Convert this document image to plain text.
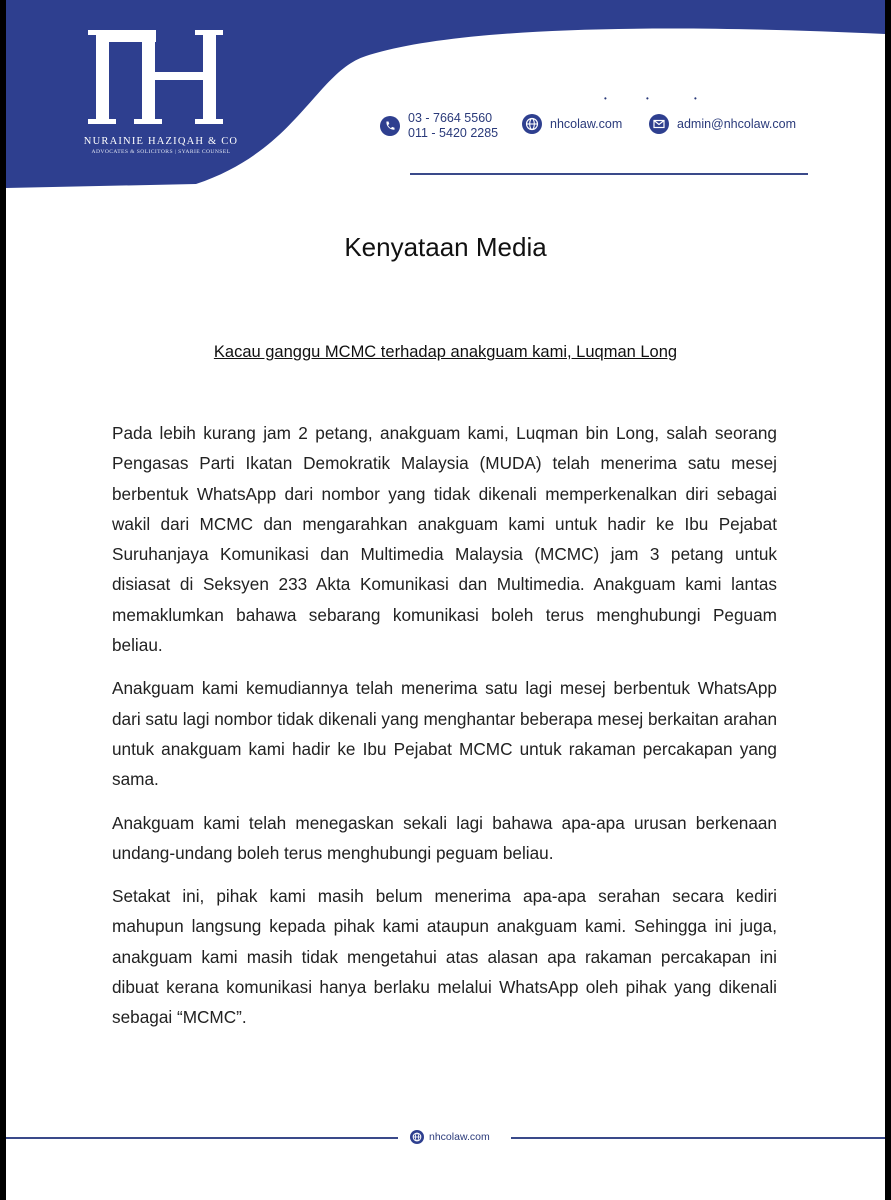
NURAINIE HAZIQAH & CO
ADVOCATES & SOLICITORS | SYARIE COUNSEL
•	•	•
03 - 7664 5560
011 - 5420 2285
nhcolaw.com	admin@nhcolaw.com
Kenyataan Media
Kacau ganggu MCMC terhadap anakguam kami, Luqman Long

Pada lebih kurang jam 2 petang, anakguam kami, Luqman bin Long, salah seorang Pengasas Parti Ikatan Demokratik Malaysia (MUDA) telah menerima satu mesej berbentuk WhatsApp dari nombor yang tidak dikenali memperkenalkan diri sebagai wakil dari MCMC dan mengarahkan anakguam kami untuk hadir ke Ibu Pejabat Suruhanjaya Komunikasi dan Multimedia Malaysia (MCMC) jam 3 petang untuk disiasat di Seksyen 233 Akta Komunikasi dan Multimedia. Anakguam kami lantas memaklumkan bahawa sebarang komunikasi boleh terus menghubungi Peguam beliau.

Anakguam kami kemudiannya telah menerima satu lagi mesej berbentuk WhatsApp dari satu lagi nombor tidak dikenali yang menghantar beberapa mesej berkaitan arahan untuk anakguam kami hadir ke Ibu Pejabat MCMC untuk rakaman percakapan yang sama.

Anakguam kami telah menegaskan sekali lagi bahawa apa-apa urusan berkenaan undang-undang boleh terus menghubungi peguam beliau.

Setakat ini, pihak kami masih belum menerima apa-apa serahan secara kediri mahupun langsung kepada pihak kami ataupun anakguam kami. Sehingga ini juga, anakguam kami masih tidak mengetahui atas alasan apa rakaman percakapan ini dibuat kerana komunikasi hanya berlaku melalui WhatsApp oleh pihak yang dikenali sebagai “MCMC”.

nhcolaw.com
